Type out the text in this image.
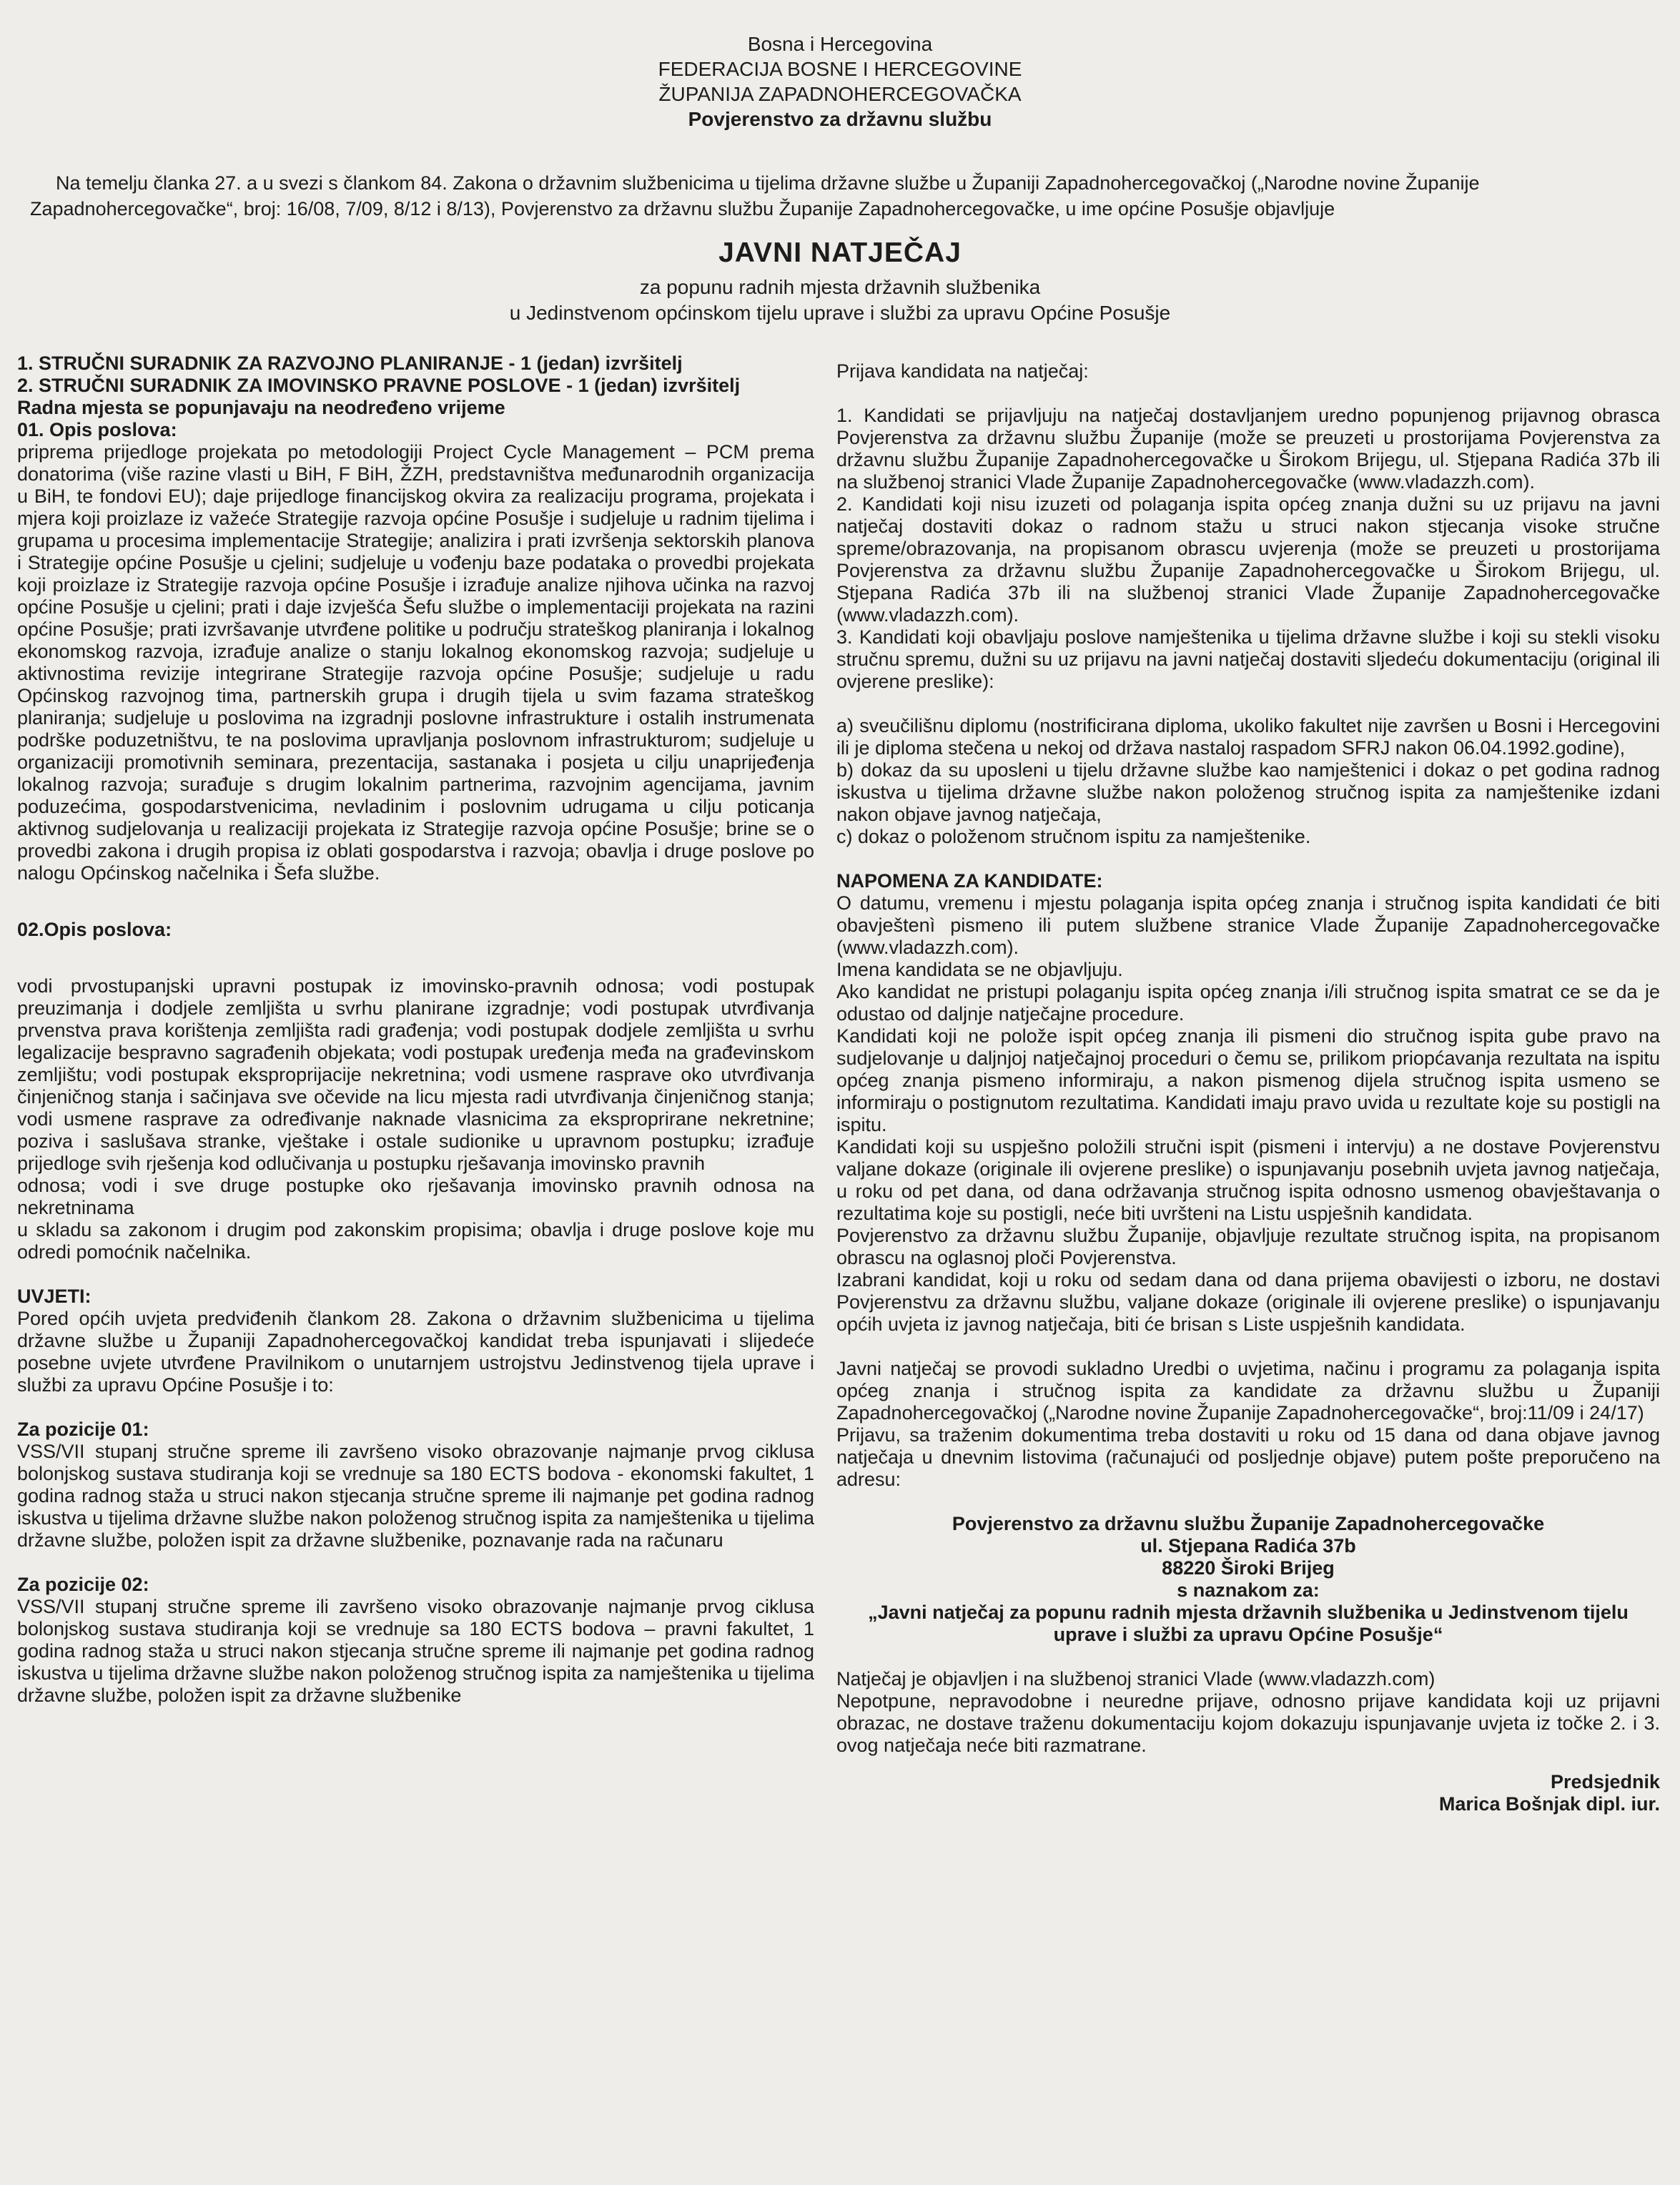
Bosna i Hercegovina
FEDERACIJA BOSNE I HERCEGOVINE
ŽUPANIJA ZAPADNOHERCEGOVAČKA
Povjerenstvo za državnu službu
Na temelju članka 27. a u svezi s člankom 84. Zakona o državnim službenicima u tijelima državne službe u Županiji Zapadnohercegovačkoj („Narodne novine Županije Zapadnohercegovačke“, broj: 16/08, 7/09, 8/12 i 8/13), Povjerenstvo za državnu službu Županije Zapadnohercegovačke, u ime općine Posušje objavljuje
JAVNI NATJEČAJ
za popunu radnih mjesta državnih službenika
u Jedinstvenom općinskom tijelu uprave i službi za upravu Općine Posušje

1. STRUČNI SURADNIK ZA RAZVOJNO PLANIRANJE - 1 (jedan) izvršitelj

2. STRUČNI SURADNIK ZA IMOVINSKO PRAVNE POSLOVE - 1 (jedan) izvršitelj

Radna mjesta se popunjavaju na neodređeno vrijeme

01. Opis poslova:

priprema prijedloge projekata po metodologiji Project Cycle Management – PCM prema donatorima (više razine vlasti u BiH, F BiH, ŽZH, predstavništva međunarodnih organizacija u BiH, te fondovi EU); daje prijedloge financijskog okvira za realizaciju programa, projekata i mjera koji proizlaze iz važeće Strategije razvoja općine Posušje i sudjeluje u radnim tijelima i grupama u procesima implementacije Strategije; analizira i prati izvršenja sektorskih planova i Strategije općine Posušje u cjelini; sudjeluje u vođenju baze podataka o provedbi projekata koji proizlaze iz Strategije razvoja općine Posušje i izrađuje analize njihova učinka na razvoj općine Posušje u cjelini; prati i daje izvješća Šefu službe o implementaciji projekata na razini općine Posušje; prati izvršavanje utvrđene politike u području strateškog planiranja i lokalnog ekonomskog razvoja, izrađuje analize o stanju lokalnog ekonomskog razvoja; sudjeluje u aktivnostima revizije integrirane Strategije razvoja općine Posušje; sudjeluje u radu Općinskog razvojnog tima, partnerskih grupa i drugih tijela u svim fazama strateškog planiranja; sudjeluje u poslovima na izgradnji poslovne infrastrukture i ostalih instrumenata podrške poduzetništvu, te na poslovima upravljanja poslovnom infrastrukturom; sudjeluje u organizaciji promotivnih seminara, prezentacija, sastanaka i posjeta u cilju unaprijeđenja lokalnog razvoja; surađuje s drugim lokalnim partnerima, razvojnim agencijama, javnim poduzećima, gospodarstvenicima, nevladinim i poslovnim udrugama u cilju poticanja aktivnog sudjelovanja u realizaciji projekata iz Strategije razvoja općine Posušje; brine se o provedbi zakona i drugih propisa iz oblati gospodarstva i razvoja; obavlja i druge poslove po nalogu Općinskog načelnika i Šefa službe.

02.Opis poslova:

vodi prvostupanjski upravni postupak iz imovinsko-pravnih odnosa; vodi postupak preuzimanja i dodjele zemljišta u svrhu planirane izgradnje; vodi postupak utvrđivanja prvenstva prava korištenja zemljišta radi građenja; vodi postupak dodjele zemljišta u svrhu legalizacije bespravno sagrađenih objekata; vodi postupak uređenja međa na građevinskom zemljištu; vodi postupak eksproprijacije nekretnina; vodi usmene rasprave oko utvrđivanja činjeničnog stanja i sačinjava sve očevide na licu mjesta radi utvrđivanja činjeničnog stanja; vodi usmene rasprave za određivanje naknade vlasnicima za eksproprirane nekretnine; poziva i saslušava stranke, vještake i ostale sudionike u upravnom postupku; izrađuje prijedloge svih rješenja kod odlučivanja u postupku rješavanja imovinsko pravnih

odnosa; vodi i sve druge postupke oko rješavanja imovinsko pravnih odnosa na nekretninama

u skladu sa zakonom i drugim pod zakonskim propisima; obavlja i druge poslove koje mu odredi pomoćnik načelnika.

UVJETI:

Pored općih uvjeta predviđenih člankom 28. Zakona o državnim službenicima u tijelima državne službe u Županiji Zapadnohercegovačkoj kandidat treba ispunjavati i slijedeće posebne uvjete utvrđene Pravilnikom o unutarnjem ustrojstvu Jedinstvenog tijela uprave i službi za upravu Općine Posušje i to:

Za pozicije 01:

VSS/VII stupanj stručne spreme ili završeno visoko obrazovanje najmanje prvog ciklusa bolonjskog sustava studiranja koji se vrednuje sa 180 ECTS bodova - ekonomski fakultet, 1 godina radnog staža u struci nakon stjecanja stručne spreme ili najmanje pet godina radnog iskustva u tijelima državne službe nakon položenog stručnog ispita za namještenika u tijelima državne službe, položen ispit za državne službenike, poznavanje rada na računaru

Za pozicije 02:

VSS/VII stupanj stručne spreme ili završeno visoko obrazovanje najmanje prvog ciklusa bolonjskog sustava studiranja koji se vrednuje sa 180 ECTS bodova – pravni fakultet, 1 godina radnog staža u struci nakon stjecanja stručne spreme ili najmanje pet godina radnog iskustva u tijelima državne službe nakon položenog stručnog ispita za namještenika u tijelima državne službe, položen ispit za državne službenike

Prijava kandidata na natječaj:

1. Kandidati se prijavljuju na natječaj dostavljanjem uredno popunjenog prijavnog obrasca Povjerenstva za državnu službu Županije (može se preuzeti u prostorijama Povjerenstva za državnu službu Županije Zapadnohercegovačke u Širokom Brijegu, ul. Stjepana Radića 37b ili na službenoj stranici Vlade Županije Zapadnohercegovačke (www.vladazzh.com).

2. Kandidati koji nisu izuzeti od polaganja ispita općeg znanja dužni su uz prijavu na javni natječaj dostaviti dokaz o radnom stažu u struci nakon stjecanja visoke stručne spreme/obrazovanja, na propisanom obrascu uvjerenja (može se preuzeti u prostorijama Povjerenstva za državnu službu Županije Zapadnohercegovačke u Širokom Brijegu, ul. Stjepana Radića 37b ili na službenoj stranici Vlade Županije Zapadnohercegovačke (www.vladazzh.com).

3. Kandidati koji obavljaju poslove namještenika u tijelima državne službe i koji su stekli visoku stručnu spremu, dužni su uz prijavu na javni natječaj dostaviti sljedeću dokumentaciju (original ili ovjerene preslike):

a) sveučilišnu diplomu (nostrificirana diploma, ukoliko fakultet nije završen u Bosni i Hercegovini ili je diploma stečena u nekoj od država nastaloj raspadom SFRJ nakon 06.04.1992.godine),

b) dokaz da su uposleni u tijelu državne službe kao namještenici i dokaz o pet godina radnog iskustva u tijelima državne službe nakon položenog stručnog ispita za namještenike izdani nakon objave javnog natječaja,

c) dokaz o položenom stručnom ispitu za namještenike.

NAPOMENA ZA KANDIDATE:

O datumu, vremenu i mjestu polaganja ispita općeg znanja i stručnog ispita kandidati će biti obavještenì pismeno ili putem službene stranice Vlade Županije Zapadnohercegovačke (www.vladazzh.com).

Imena kandidata se ne objavljuju.

Ako kandidat ne pristupi polaganju ispita općeg znanja i/ili stručnog ispita smatrat ce se da je odustao od daljnje natječajne procedure.

Kandidati koji ne polože ispit općeg znanja ili pismeni dio stručnog ispita gube pravo na sudjelovanje u daljnjoj natječajnoj proceduri o čemu se, prilikom priopćavanja rezultata na ispitu općeg znanja pismeno informiraju, a nakon pismenog dijela stručnog ispita usmeno se informiraju o postignutom rezultatima. Kandidati imaju pravo uvida u rezultate koje su postigli na ispitu.

Kandidati koji su uspješno položili stručni ispit (pismeni i intervju) a ne dostave Povjerenstvu valjane dokaze (originale ili ovjerene preslike) o ispunjavanju posebnih uvjeta javnog natječaja, u roku od pet dana, od dana održavanja stručnog ispita odnosno usmenog obavještavanja o rezultatima koje su postigli, neće biti uvršteni na Listu uspješnih kandidata.

Povjerenstvo za državnu službu Županije, objavljuje rezultate stručnog ispita, na propisanom obrascu na oglasnoj ploči Povjerenstva.

Izabrani kandidat, koji u roku od sedam dana od dana prijema obavijesti o izboru, ne dostavi Povjerenstvu za državnu službu, valjane dokaze (originale ili ovjerene preslike) o ispunjavanju općih uvjeta iz javnog natječaja, biti će brisan s Liste uspješnih kandidata.

Javni natječaj se provodi sukladno Uredbi o uvjetima, načinu i programu za polaganja ispita općeg znanja i stručnog ispita za kandidate za državnu službu u Županiji Zapadnohercegovačkoj („Narodne novine Županije Zapadnohercegovačke“, broj:11/09 i 24/17)

Prijavu, sa traženim dokumentima treba dostaviti u roku od 15 dana od dana objave javnog natječaja u dnevnim listovima (računajući od posljednje objave) putem pošte preporučeno na adresu:

Povjerenstvo za državnu službu Županije Zapadnohercegovačke
ul. Stjepana Radića 37b
88220 Široki Brijeg
s naznakom za:
„Javni natječaj za popunu radnih mjesta državnih službenika u Jedinstvenom tijelu uprave i službi za upravu Općine Posušje“

Natječaj je objavljen i na službenoj stranici Vlade (www.vladazzh.com)

Nepotpune, nepravodobne i neuredne prijave, odnosno prijave kandidata koji uz prijavni obrazac, ne dostave traženu dokumentaciju kojom dokazuju ispunjavanje uvjeta iz točke 2. i 3. ovog natječaja neće biti razmatrane.

Predsjednik
Marica Bošnjak dipl. iur.
